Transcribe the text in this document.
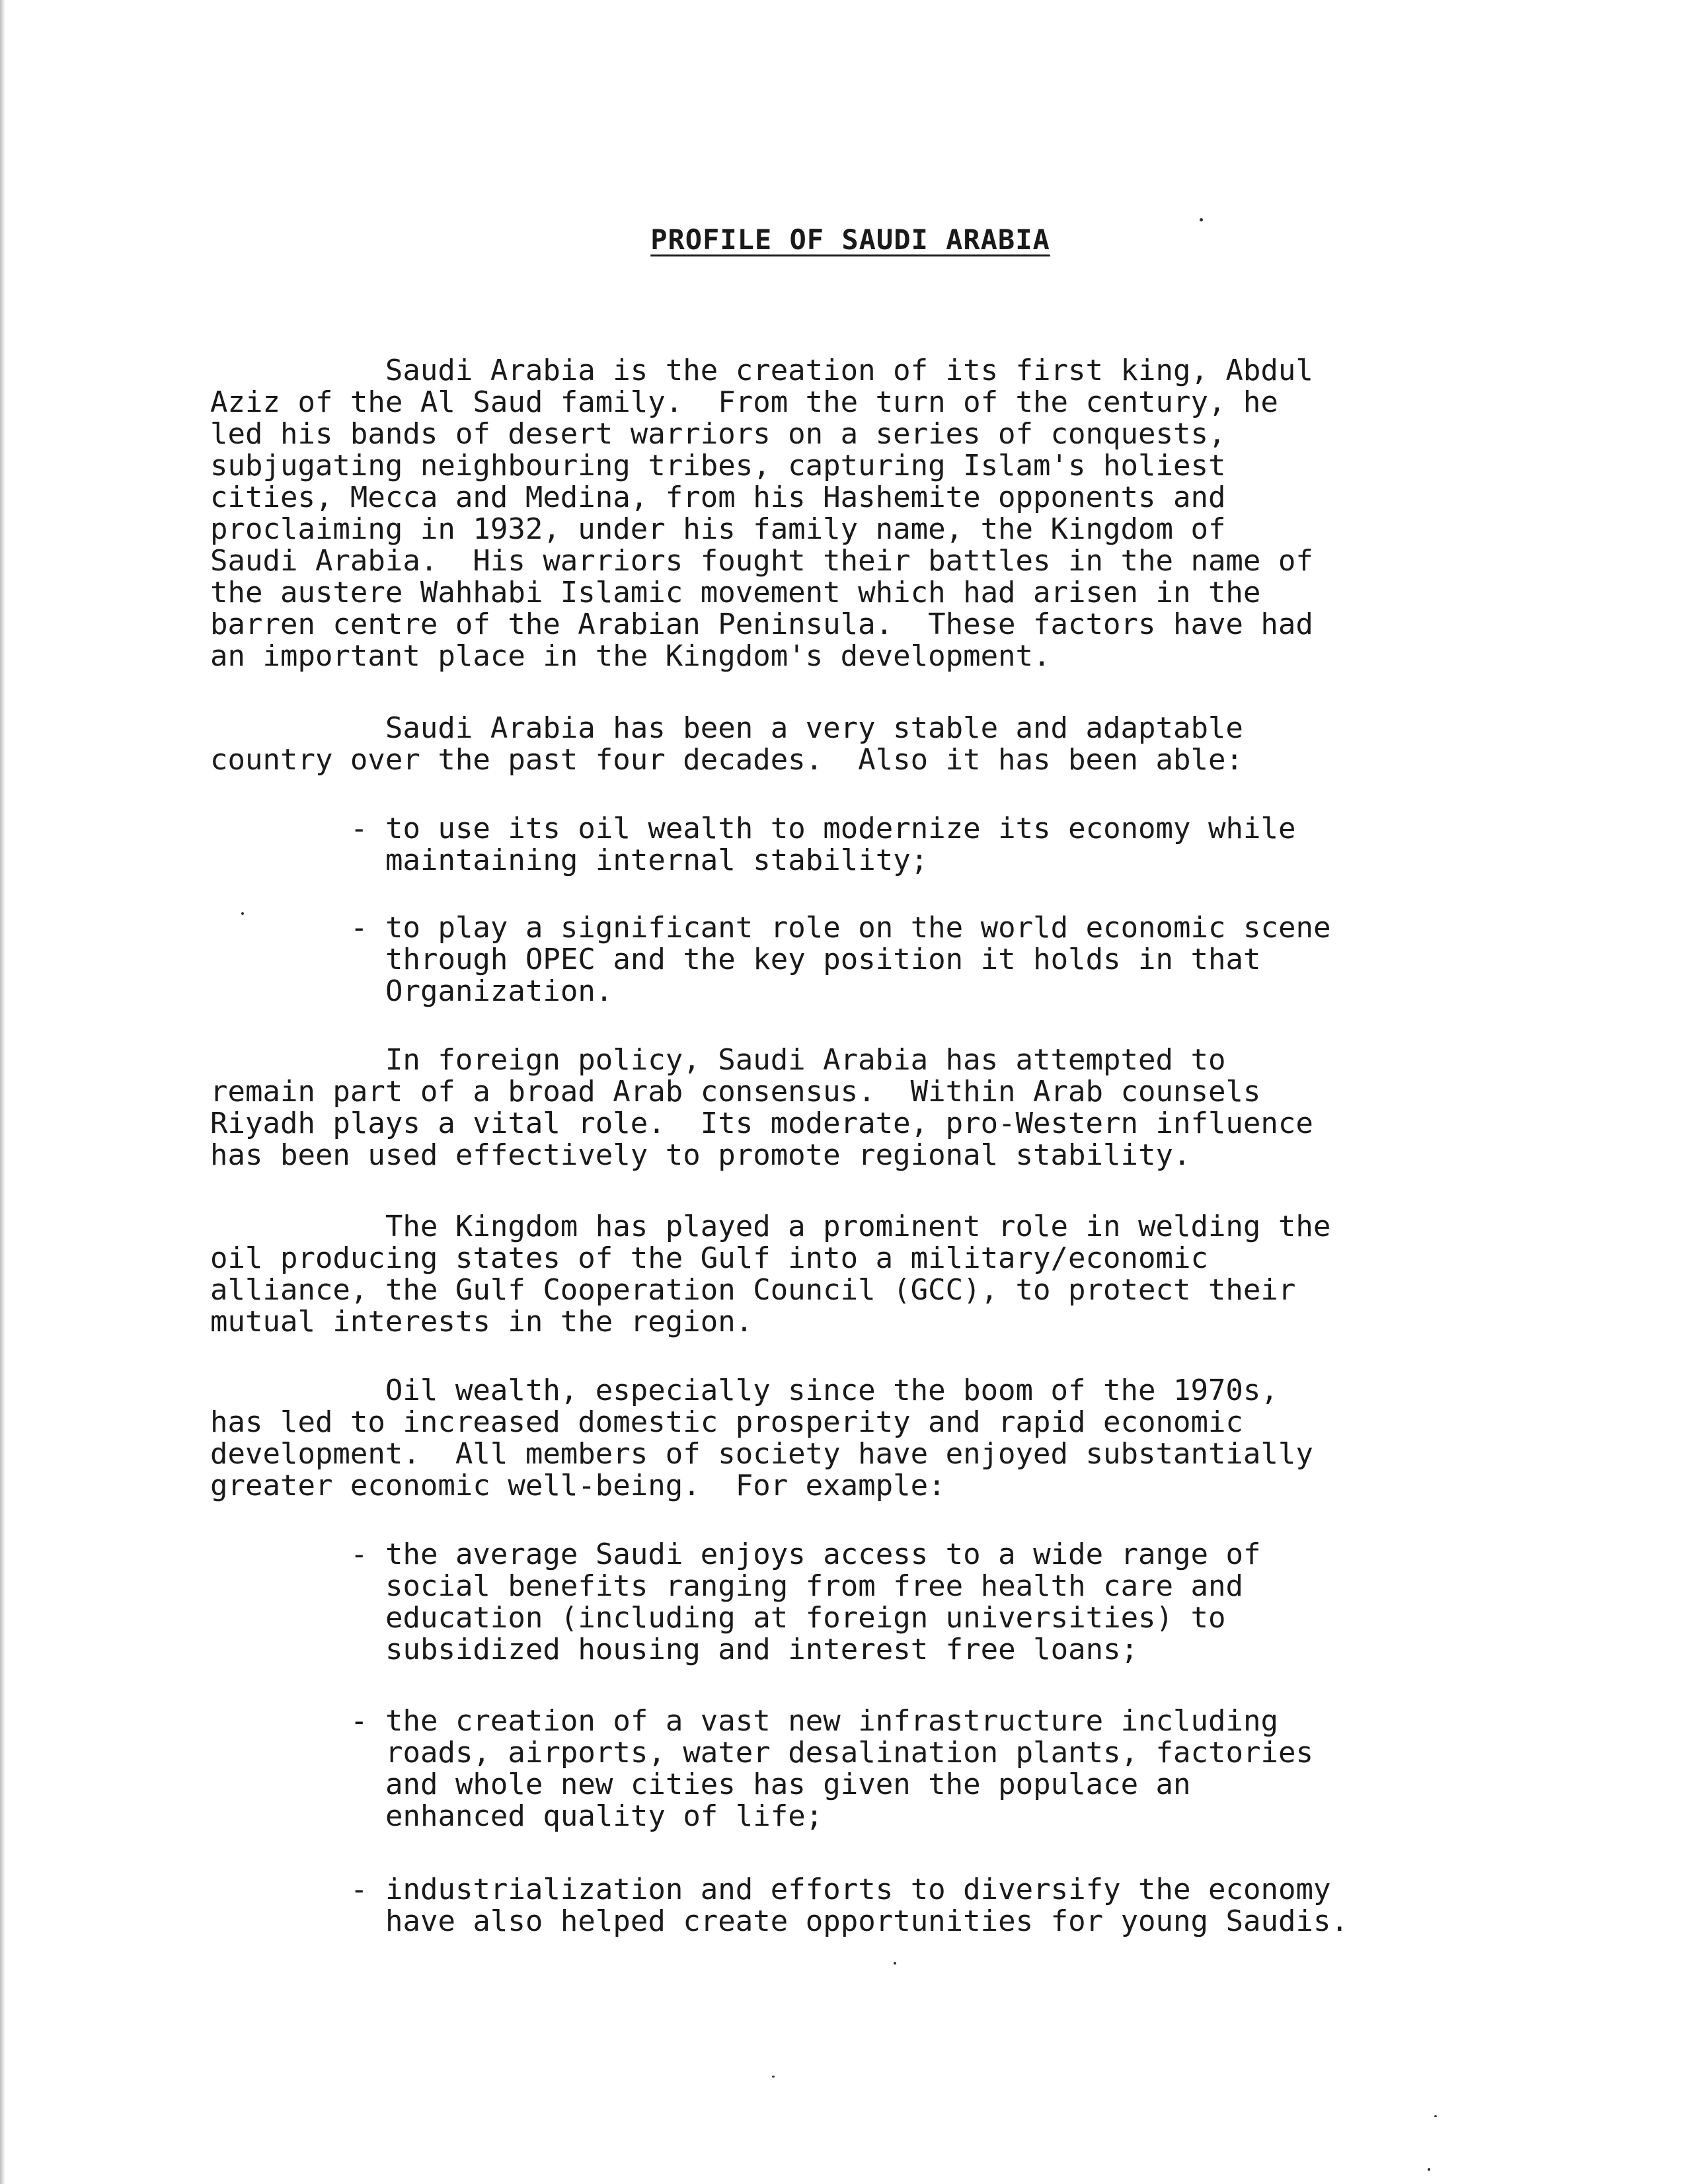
PROFILE OF SAUDI ARABIA

Saudi Arabia is the creation of its first king, Abdul
Aziz of the Al Saud family.  From the turn of the century, he
led his bands of desert warriors on a series of conquests,
subjugating neighbouring tribes, capturing Islam's holiest
cities, Mecca and Medina, from his Hashemite opponents and
proclaiming in 1932, under his family name, the Kingdom of
Saudi Arabia.  His warriors fought their battles in the name of
the austere Wahhabi Islamic movement which had arisen in the
barren centre of the Arabian Peninsula.  These factors have had
an important place in the Kingdom's development.

Saudi Arabia has been a very stable and adaptable
country over the past four decades.  Also it has been able:

- to use its oil wealth to modernize its economy while
maintaining internal stability;

- to play a significant role on the world economic scene
through OPEC and the key position it holds in that
Organization.

In foreign policy, Saudi Arabia has attempted to
remain part of a broad Arab consensus.  Within Arab counsels
Riyadh plays a vital role.  Its moderate, pro-Western influence
has been used effectively to promote regional stability.

The Kingdom has played a prominent role in welding the
oil producing states of the Gulf into a military/economic
alliance, the Gulf Cooperation Council (GCC), to protect their
mutual interests in the region.

Oil wealth, especially since the boom of the 1970s,
has led to increased domestic prosperity and rapid economic
development.  All members of society have enjoyed substantially
greater economic well-being.  For example:

- the average Saudi enjoys access to a wide range of
social benefits ranging from free health care and
education (including at foreign universities) to
subsidized housing and interest free loans;

- the creation of a vast new infrastructure including
roads, airports, water desalination plants, factories
and whole new cities has given the populace an
enhanced quality of life;

- industrialization and efforts to diversify the economy
have also helped create opportunities for young Saudis.
